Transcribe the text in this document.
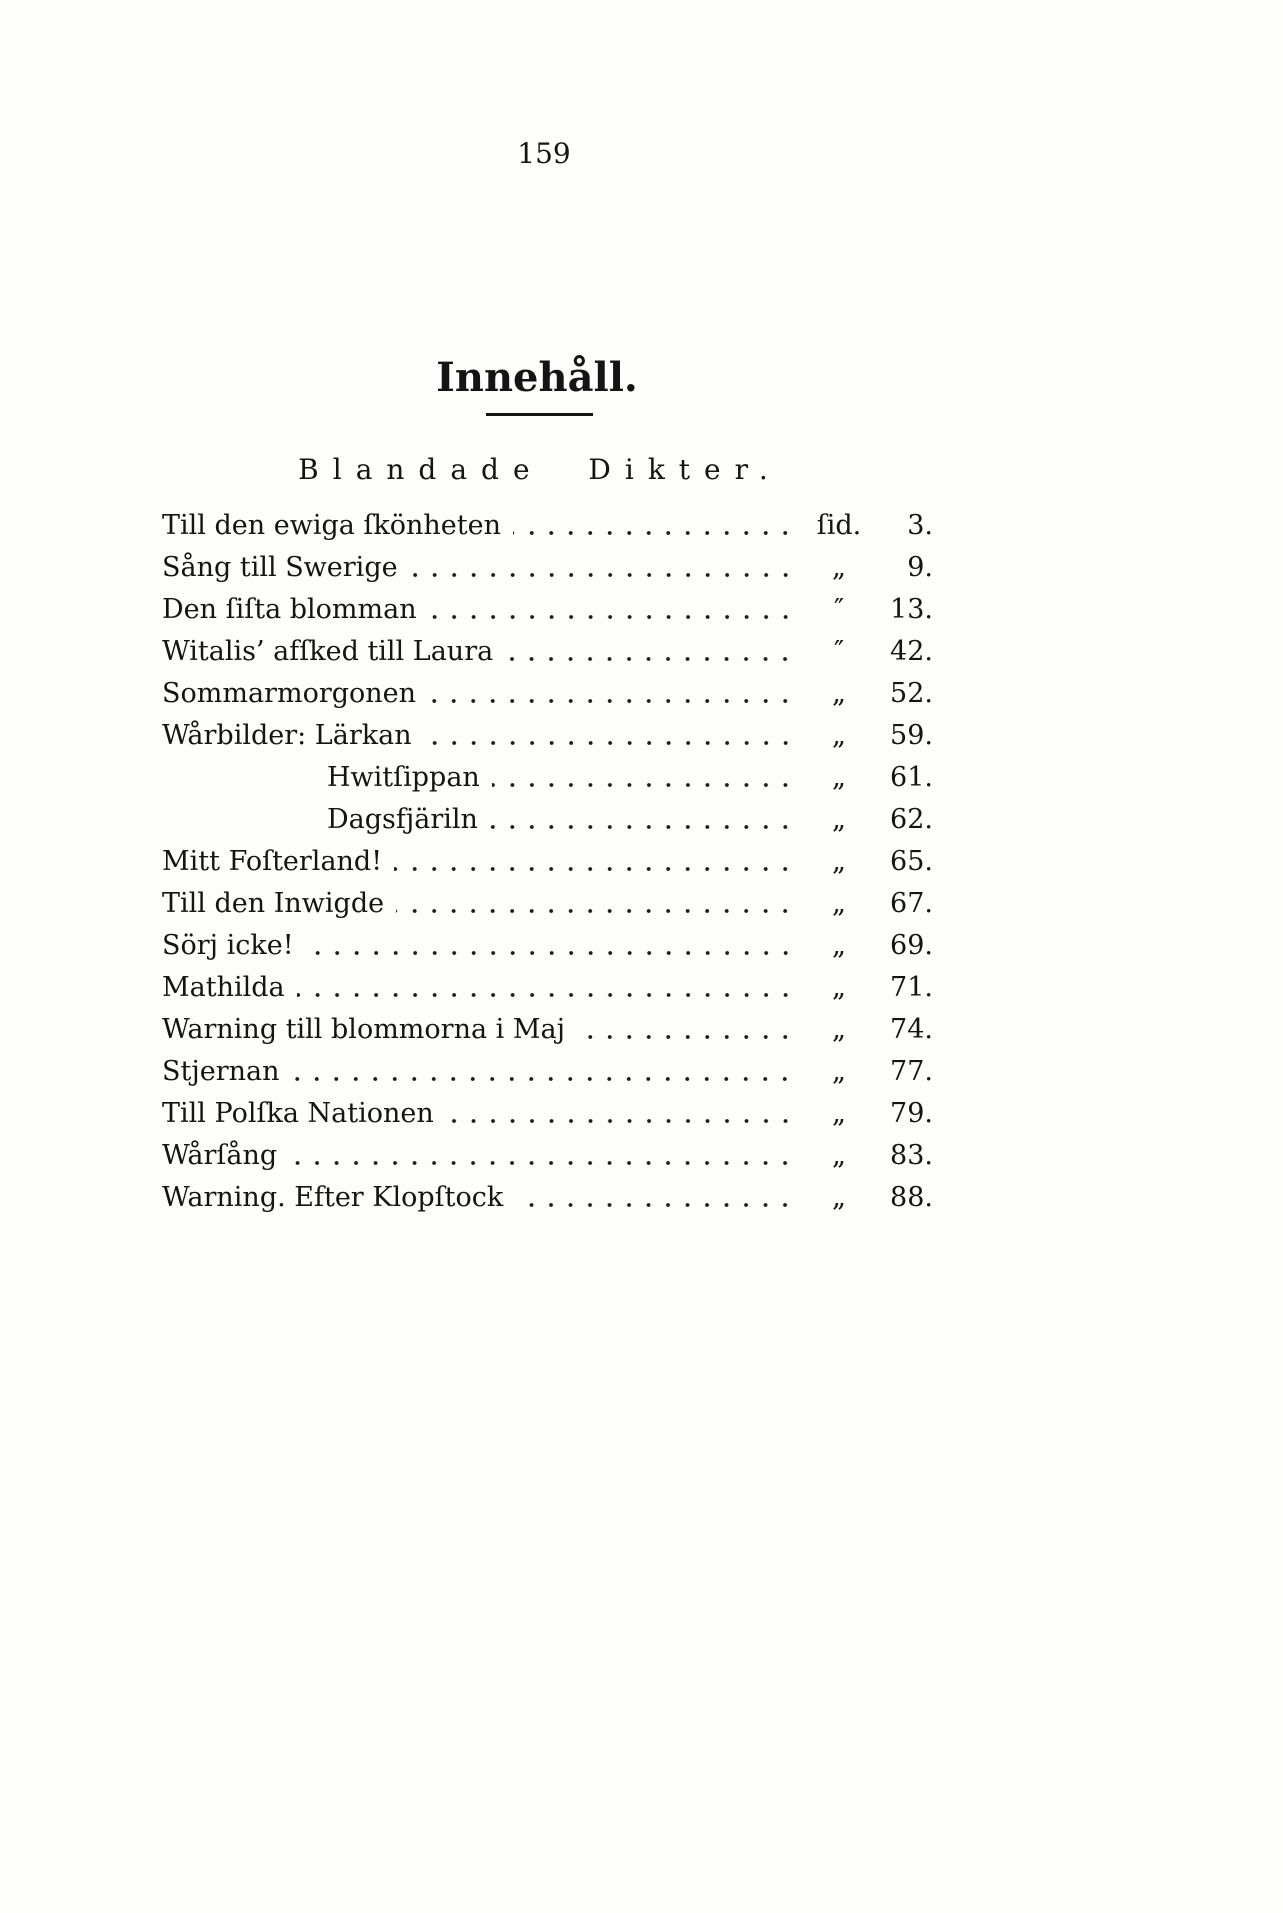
159
Innehåll.
Blandade Dikter.
Till den ewiga ſkönheten	ſid.	3.
Sång till Swerige	„	9.
Den ſiſta blomman	″	13.
Witalis’ afſked till Laura	″	42.
Sommarmorgonen	„	52.
Wårbilder: Lärkan	„	59.
Hwitſippan	„	61.
Dagsfjäriln	„	62.
Mitt Foſterland!	„	65.
Till den Inwigde	„	67.
Sörj icke!	„	69.
Mathilda	„	71.
Warning till blommorna i Maj	„	74.
Stjernan	„	77.
Till Polſka Nationen	„	79.
Wårſång	„	83.
Warning. Efter Klopſtock	„	88.
